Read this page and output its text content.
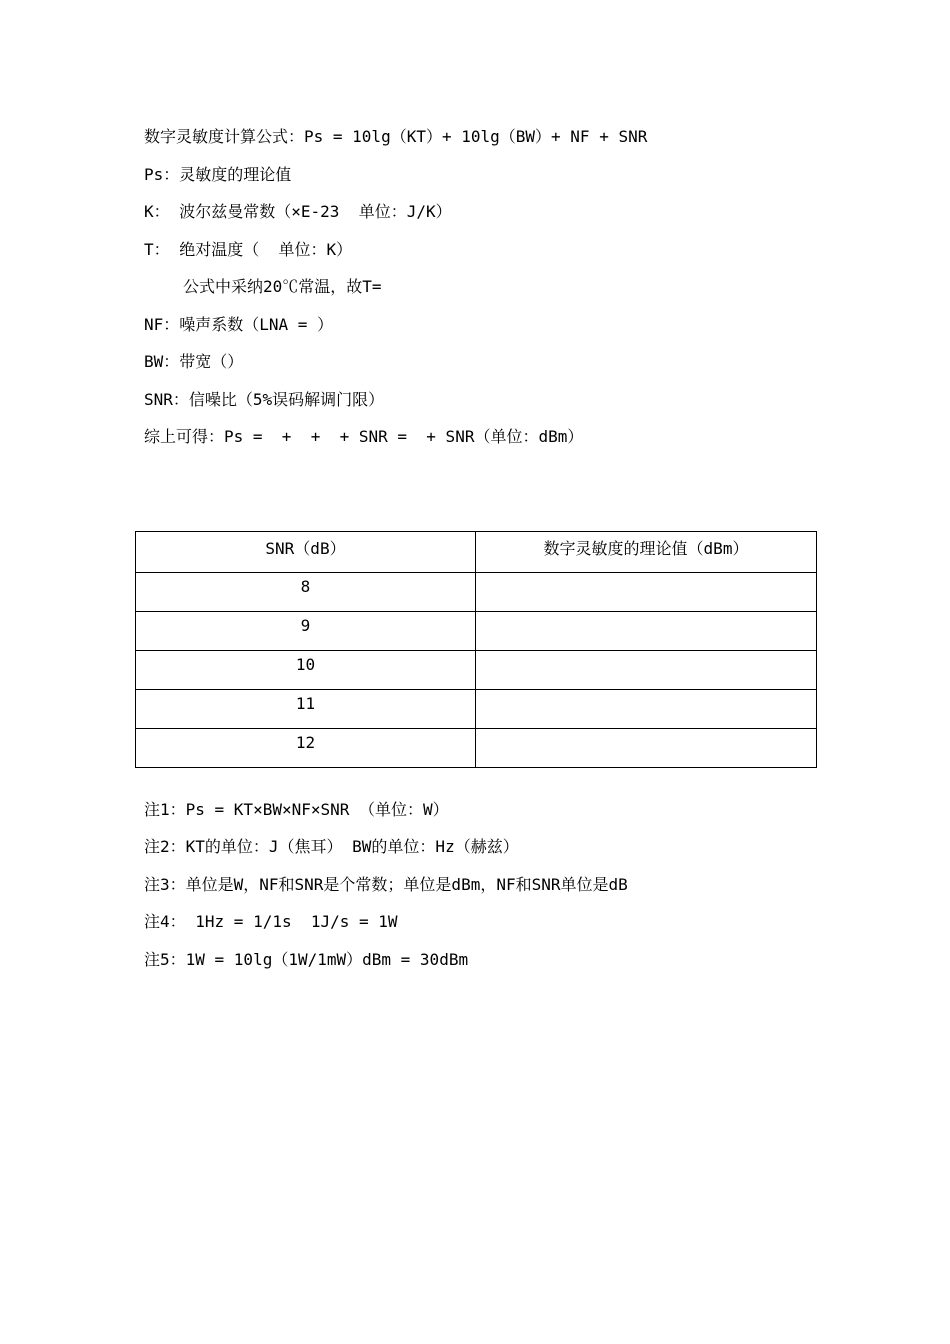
数字灵敏度计算公式：Ps = 10lg（KT）+ 10lg（BW）+ NF + SNR
Ps：灵敏度的理论值
K： 波尔兹曼常数（×E-23  单位：J/K）
T： 绝对温度（  单位：K）
公式中采纳20℃常温，故T=
NF：噪声系数（LNA = ）
BW：带宽（）
SNR：信噪比（5%误码解调门限）
综上可得：Ps =  +  +  + SNR =  + SNR（单位：dBm）
SNR（dB）	数字灵敏度的理论值（dBm）
8	
9	
10	
11	
12	
注1：Ps = KT×BW×NF×SNR （单位：W）
注2：KT的单位：J（焦耳） BW的单位：Hz（赫兹）
注3：单位是W，NF和SNR是个常数；单位是dBm，NF和SNR单位是dB
注4： 1Hz = 1/1s  1J/s = 1W
注5：1W = 10lg（1W/1mW）dBm = 30dBm
